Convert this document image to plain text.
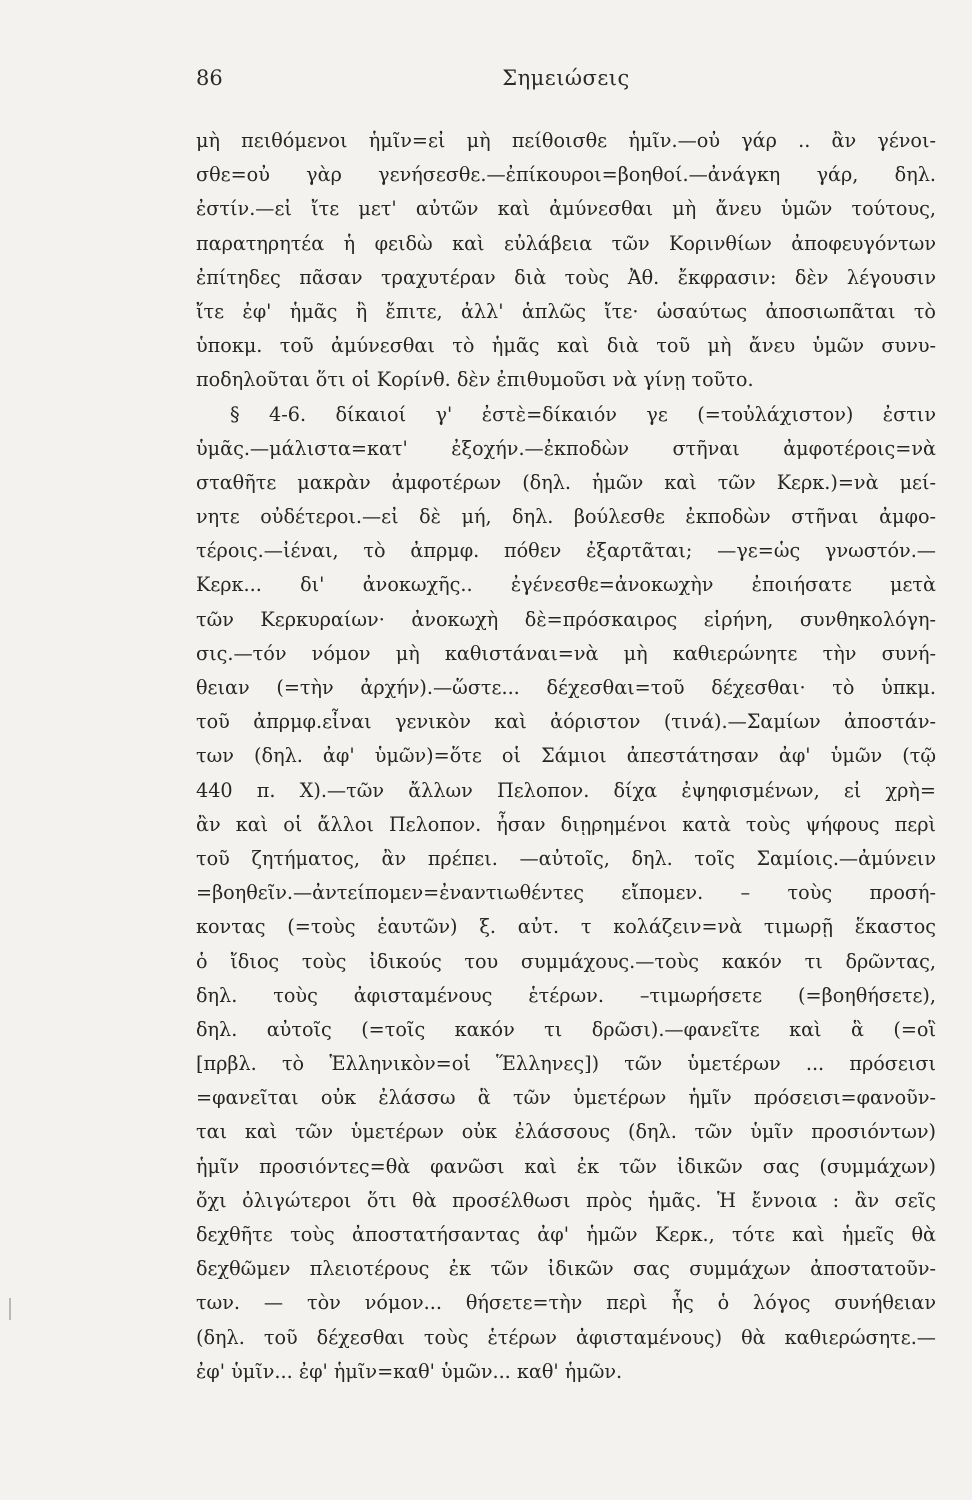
86	Σημειώσεις
μὴ πειθόμενοι ἡμῖν=εἰ μὴ πείθοισθε ἡμῖν.—οὐ γάρ .. ἂν γένοι-
σθε=οὐ γὰρ γενήσεσθε.—ἐπίκουροι=βοηθοί.—ἀνάγκη γάρ, δηλ.
ἐστίν.—εἰ ἴτε μετ' αὐτῶν καὶ ἀμύνεσθαι μὴ ἄνευ ὑμῶν τούτους,
παρατηρητέα ἡ φειδὼ καὶ εὐλάβεια τῶν Κορινθίων ἀποφευγόντων
ἐπίτηδες πᾶσαν τραχυτέραν διὰ τοὺς Ἀθ. ἔκφρασιν: δὲν λέγουσιν
ἴτε ἐφ' ἡμᾶς ἢ ἔπιτε, ἀλλ' ἁπλῶς ἴτε· ὡσαύτως ἀποσιωπᾶται τὸ
ὑποκμ. τοῦ ἀμύνεσθαι τὸ ἡμᾶς καὶ διὰ τοῦ μὴ ἄνευ ὑμῶν συνυ-
ποδηλοῦται ὅτι οἱ Κορίνθ. δὲν ἐπιθυμοῦσι νὰ γίνῃ τοῦτο.
§ 4-6. δίκαιοί γ' ἐστὲ=δίκαιόν γε (=τοὐλάχιστον) ἐστιν
ὑμᾶς.—μάλιστα=κατ' ἐξοχήν.—ἐκποδὼν στῆναι ἀμφοτέροις=νὰ
σταθῆτε μακρὰν ἀμφοτέρων (δηλ. ἡμῶν καὶ τῶν Κερκ.)=νὰ μεί-
νητε οὐδέτεροι.—εἰ δὲ μή, δηλ. βούλεσθε ἐκποδὼν στῆναι ἀμφο-
τέροις.—ἰέναι, τὸ ἀπρμφ. πόθεν ἐξαρτᾶται; —γε=ὡς γνωστόν.—
Κερκ... δι' ἀνοκωχῆς.. ἐγένεσθε=ἀνοκωχὴν ἐποιήσατε μετὰ
τῶν Κερκυραίων· ἀνοκωχὴ δὲ=πρόσκαιρος εἰρήνη, συνθηκολόγη-
σις.—τόν νόμον μὴ καθιστάναι=νὰ μὴ καθιερώνητε τὴν συνή-
θειαν (=τὴν ἀρχήν).—ὥστε... δέχεσθαι=τοῦ δέχεσθαι· τὸ ὑπκμ.
τοῦ ἀπρμφ.εἶναι γενικὸν καὶ ἀόριστον (τινά).—Σαμίων ἀποστάν-
των (δηλ. ἀφ' ὑμῶν)=ὅτε οἱ Σάμιοι ἀπεστάτησαν ἀφ' ὑμῶν (τῷ
440 π. Χ).—τῶν ἄλλων Πελοπον. δίχα ἐψηφισμένων, εἰ χρὴ=
ἂν καὶ οἱ ἄλλοι Πελοπον. ἦσαν διῃρημένοι κατὰ τοὺς ψήφους περὶ
τοῦ ζητήματος, ἂν πρέπει. —αὐτοῖς, δηλ. τοῖς Σαμίοις.—ἀμύνειν
=βοηθεῖν.—ἀντείπομεν=ἐναντιωθέντες εἴπομεν. – τοὺς προσή-
κοντας (=τοὺς ἑαυτῶν) ξ. αὐτ. τ κολάζειν=νὰ τιμωρῇ ἕκαστος
ὁ ἴδιος τοὺς ἰδικούς του συμμάχους.—τοὺς κακόν τι δρῶντας,
δηλ. τοὺς ἀφισταμένους ἑτέρων. –τιμωρήσετε (=βοηθήσετε),
δηλ. αὐτοῖς (=τοῖς κακόν τι δρῶσι).—φανεῖτε καὶ ἃ (=οἳ
[πρβλ. τὸ Ἑλληνικὸν=οἱ Ἕλληνες]) τῶν ὑμετέρων ... πρόσεισι
=φανεῖται οὐκ ἐλάσσω ἃ τῶν ὑμετέρων ἡμῖν πρόσεισι=φανοῦν-
ται καὶ τῶν ὑμετέρων οὐκ ἐλάσσους (δηλ. τῶν ὑμῖν προσιόντων)
ἡμῖν προσιόντες=θὰ φανῶσι καὶ ἐκ τῶν ἰδικῶν σας (συμμάχων)
ὄχι ὀλιγώτεροι ὅτι θὰ προσέλθωσι πρὸς ἡμᾶς. Ἡ ἔννοια : ἂν σεῖς
δεχθῆτε τοὺς ἀποστατήσαντας ἀφ' ἡμῶν Κερκ., τότε καὶ ἡμεῖς θὰ
δεχθῶμεν πλειοτέρους ἐκ τῶν ἰδικῶν σας συμμάχων ἀποστατοῦν-
των. — τὸν νόμον... θήσετε=τὴν περὶ ἧς ὁ λόγος συνήθειαν
(δηλ. τοῦ δέχεσθαι τοὺς ἑτέρων ἀφισταμένους) θὰ καθιερώσητε.—
ἐφ' ὑμῖν... ἐφ' ἡμῖν=καθ' ὑμῶν... καθ' ἡμῶν.
